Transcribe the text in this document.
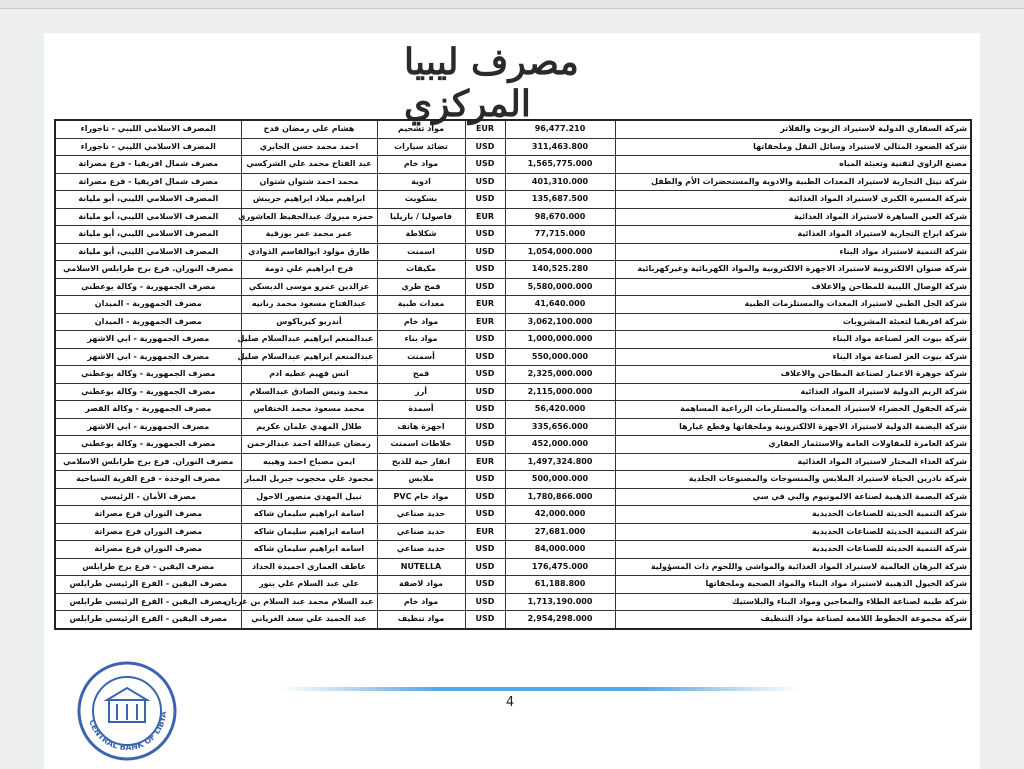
مصرف ليبيا المركزي
المصرف الاسلامي الليبي - تاجوراء	هشام علي رمضان قدح	مواد تشحيم	EUR	96,477.210	شركة السفاري الدولية لاستيراد الزيوت والفلاتر
المصرف الاسلامي الليبي - تاجوراء	احمد محمد حسن الجابري	تضائد سيارات	USD	311,463.800	شركة الصعود المثالي لاستيراد وسائل النقل وملحقاتها
مصرف شمال افريقيا - فرع مصراتة	عبد الفتاح محمد علي الشركسي	مواد خام	USD	1,565,775.000	مصنع الراوي لتقنية وتعبئة المياه
مصرف شمال افريقيا - فرع مصراتة	محمد احمد شتوان شتوان	ادوية	USD	401,310.000	شركة تيتل التجارية لاستيراد المعدات الطبية والادوية والمستحضرات الأم والطفل
المصرف الاسلامي الليبي، أبو مليانة	ابراهيم ميلاد ابراهيم حريبش	بسكويت	USD	135,687.500	شركة المسيرة الكبرى لاستيراد المواد الغذائية
المصرف الاسلامي الليبي، أبو مليانة	حمزه مبروك عبدالحفيظ العاشوري	فاصوليا / بازيليا	EUR	98,670.000	شركة العين الساهرة لاستيراد المواد الغذائية
المصرف الاسلامي الليبي، أبو مليانة	عمر محمد عمر بوزقية	شكلاطة	USD	77,715.000	شركة ابراج التجارية لاستيراد المواد الغذائية
المصرف الاسلامي الليبي، أبو مليانة	طارق مولود ابوالقاسم الذوادي	اسمنت	USD	1,054,000.000	شركة التنمية لاستيراد مواد البناء
مصرف النوران. فرع برج طرابلس الاسلامي	فرج ابراهيم علي دومة	مكيفات	USD	140,525.280	شركة صنوان الالكترونية لاستيراد الاجهزة الالكترونية والمواد الكهربائية وغيركهربائية
مصرف الجمهورية - وكالة بوعطني	عزالدين عمرو موسى الدبسكي	قمح طري	USD	5,580,000.000	شركة الوصال الليبية للمطاحن والاعلاف
مصرف الجمهورية - الميدان	عبدالفتاح مسعود محمد زنانيه	معدات طبية	EUR	41,640.000	شركة الجل الطبي لاستيراد المعدات والمستلزمات الطبية
مصرف الجمهورية - الميدان	أندريو كيرياكوس	مواد خام	EUR	3,062,100.000	شركة افريقيا لتعبئة المشروبات
مصرف الجمهورية - ابي الاشهر	عبدالمنعم ابراهيم عبدالسلام صليل	مواد بناء	USD	1,000,000.000	شركة بيوت العز لصناعة مواد البناء
مصرف الجمهورية - ابي الاشهر	عبدالمنعم ابراهيم عبدالسلام صليل	أسمنت	USD	550,000.000	شركة بيوت العز لصناعة مواد البناء
مصرف الجمهورية - وكالة بوعطني	انس فهيم عطيه ادم	قمح	USD	2,325,000.000	شركة جوهرة الاعمار لصناعة المطاحن والاعلاف
مصرف الجمهورية - وكالة بوعطني	محمد ونيس الصادق عبدالسلام	أرز	USD	2,115,000.000	شركة الريم الدولية لاستيراد المواد الغذائية
مصرف الجمهورية - وكالة القصر	محمد مسعود محمد الخنفاس	أسمدة	USD	56,420.000	شركة الحقول الخضراء لاستيراد المعدات والمستلزمات الزراعية المساهمة
مصرف الجمهورية - ابي الاشهر	طلال المهدي علمان عكريم	اجهزة هاتف	USD	335,656.000	شركة البصمة الدولية لاستيراد الاجهزة الالكترونية وملحقاتها وقطع غيارها
مصرف الجمهورية - وكالة بوعطني	رمضان عبدالله احمد عبدالرحمن	خلاطات اسمنت	USD	452,000.000	شركة العامرة للمقاولات العامة والاستثمار العقاري
مصرف النوران. فرع برج طرابلس الاسلامي	ايمن مصباح احمد وهيبه	ابقار حية للذبح	EUR	1,497,324.800	شركة الغذاء المختار لاستيراد المواد الغذائية
مصرف الوحدة - فرع القرية السياحية	محمود علي محجوب جبريل المبار	ملابس	USD	500,000.000	شركة نادرين الحياة لاستيراد الملابس والمنسوجات والمصنوعات الجلدية
مصرف الأمان - الرئيسي	نبيل المهدي منصور الاحول	مواد خام PVC	USD	1,780,866.000	شركة البصمة الذهبية لصناعة الالمونيوم والبي في سي
مصرف النوران فرع مصراتة	اسامة ابراهيم سليمان شاكه	حديد صناعي	USD	42,000.000	شركة التنمية الحديثة للصناعات الحديدية
مصرف النوران فرع مصراتة	اسامه ابراهيم سليمان شاكه	حديد صناعي	EUR	27,681.000	شركة التنمية الحديثة للصناعات الحديدية
مصرف النوران فرع مصراتة	اسامه ابراهيم سليمان شاكه	حديد صناعي	USD	84,000.000	شركة التنمية الحديثة للصناعات الحديدية
مصرف اليقين - فرع برج طرابلس	عاطف العماري احميدة الحداد	NUTELLA	USD	176,475.000	شركة البرهان العالمية لاستيراد المواد الغذائية والمواشي واللحوم ذات المسؤولية
مصرف اليقين - الفرع الرئيسي طرابلس	علي عبد السلام علي بنور	مواد لاصقة	USD	61,188.800	شركة الخيول الذهبية لاستيراد مواد البناء والمواد الصحية وملحقاتها
مصرف اليقين - الفرع الرئيسي طرابلس	عبد السلام محمد عبد السلام بن غربان	مواد خام	USD	1,713,190.000	شركة طيبة لصناعة الطلاء والمعاجين ومواد البناء والبلاستيك
مصرف اليقين - الفرع الرئيسي طرابلس	عبد الحميد علي سعد الغرياني	مواد تنظيف	USD	2,954,298.000	شركة مجموعة الخطوط اللامعة لصناعة مواد التنظيف
4
CENTRAL BANK OF LIBYA
